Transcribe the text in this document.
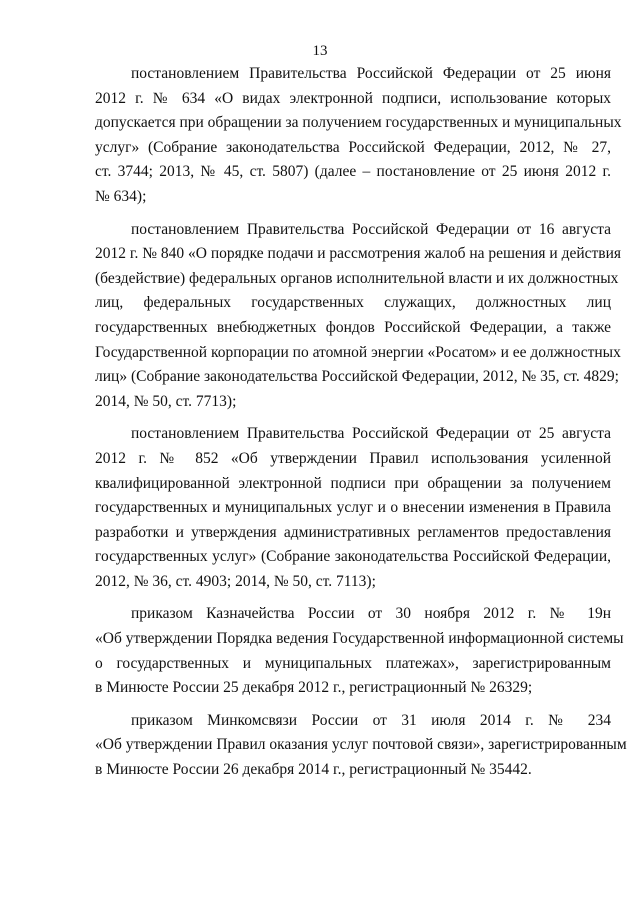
13
постановлением Правительства Российской Федерации от 25 июня
2012 г. № 634 «О видах электронной подписи, использование которых
допускается при обращении за получением государственных и муниципальных
услуг» (Собрание законодательства Российской Федерации, 2012, № 27,
ст. 3744; 2013, № 45, ст. 5807) (далее – постановление от 25 июня 2012 г.
№ 634);
постановлением Правительства Российской Федерации от 16 августа
2012 г. № 840 «О порядке подачи и рассмотрения жалоб на решения и действия
(бездействие) федеральных органов исполнительной власти и их должностных
лиц, федеральных государственных служащих, должностных лиц
государственных внебюджетных фондов Российской Федерации, а также
Государственной корпорации по атомной энергии «Росатом» и ее должностных
лиц» (Собрание законодательства Российской Федерации, 2012, № 35, ст. 4829;
2014, № 50, ст. 7713);
постановлением Правительства Российской Федерации от 25 августа
2012 г. № 852 «Об утверждении Правил использования усиленной
квалифицированной электронной подписи при обращении за получением
государственных и муниципальных услуг и о внесении изменения в Правила
разработки и утверждения административных регламентов предоставления
государственных услуг» (Собрание законодательства Российской Федерации,
2012, № 36, ст. 4903; 2014, № 50, ст. 7113);
приказом Казначейства России от 30 ноября 2012 г. № 19н
«Об утверждении Порядка ведения Государственной информационной системы
о государственных и муниципальных платежах», зарегистрированным
в Минюсте России 25 декабря 2012 г., регистрационный № 26329;
приказом Минкомсвязи России от 31 июля 2014 г. № 234
«Об утверждении Правил оказания услуг почтовой связи», зарегистрированным
в Минюсте России 26 декабря 2014 г., регистрационный № 35442.
